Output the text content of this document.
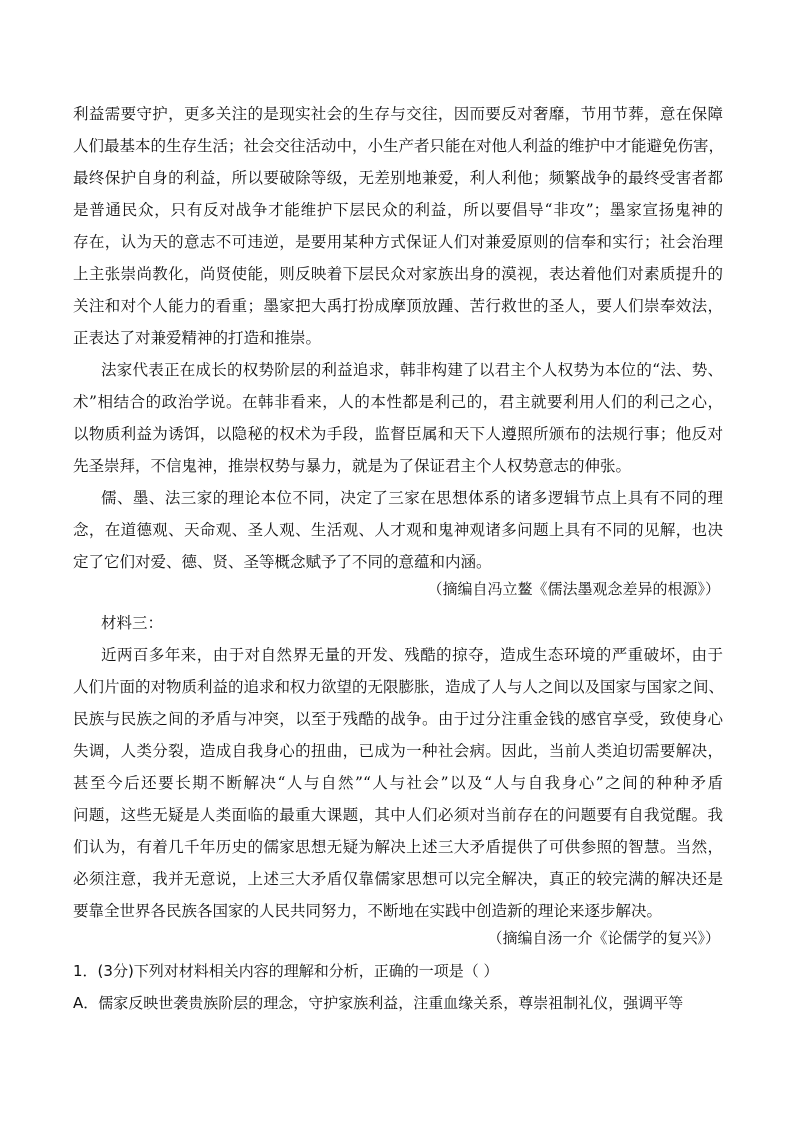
利益需要守护，更多关注的是现实社会的生存与交往，因而要反对奢靡，节用节葬，意在保障
人们最基本的生存生活；社会交往活动中，小生产者只能在对他人利益的维护中才能避免伤害，
最终保护自身的利益，所以要破除等级，无差别地兼爱，利人利他；频繁战争的最终受害者都
是普通民众，只有反对战争才能维护下层民众的利益，所以要倡导“非攻”；墨家宣扬鬼神的
存在，认为天的意志不可违逆，是要用某种方式保证人们对兼爱原则的信奉和实行；社会治理
上主张崇尚教化，尚贤使能，则反映着下层民众对家族出身的漠视，表达着他们对素质提升的
关注和对个人能力的看重；墨家把大禹打扮成摩顶放踵、苦行救世的圣人，要人们崇奉效法，
正表达了对兼爱精神的打造和推崇。
法家代表正在成长的权势阶层的利益追求，韩非构建了以君主个人权势为本位的“法、势、
术”相结合的政治学说。在韩非看来，人的本性都是利己的，君主就要利用人们的利己之心，
以物质利益为诱饵，以隐秘的权术为手段，监督臣属和天下人遵照所颁布的法规行事；他反对
先圣崇拜，不信鬼神，推崇权势与暴力，就是为了保证君主个人权势意志的伸张。
儒、墨、法三家的理论本位不同，决定了三家在思想体系的诸多逻辑节点上具有不同的理
念，在道德观、天命观、圣人观、生活观、人才观和鬼神观诸多问题上具有不同的见解，也决
定了它们对爱、德、贤、圣等概念赋予了不同的意蕴和内涵。
（摘编自冯立鳌《儒法墨观念差异的根源》）
材料三：
近两百多年来，由于对自然界无量的开发、残酷的掠夺，造成生态环境的严重破坏，由于
人们片面的对物质利益的追求和权力欲望的无限膨胀，造成了人与人之间以及国家与国家之间、
民族与民族之间的矛盾与冲突，以至于残酷的战争。由于过分注重金钱的感官享受，致使身心
失调，人类分裂，造成自我身心的扭曲，已成为一种社会病。因此，当前人类迫切需要解决，
甚至今后还要长期不断解决“人与自然”“人与社会”以及“人与自我身心”之间的种种矛盾
问题，这些无疑是人类面临的最重大课题，其中人们必须对当前存在的问题要有自我觉醒。我
们认为，有着几千年历史的儒家思想无疑为解决上述三大矛盾提供了可供参照的智慧。当然，
必须注意，我并无意说，上述三大矛盾仅靠儒家思想可以完全解决，真正的较完满的解决还是
要靠全世界各民族各国家的人民共同努力，不断地在实践中创造新的理论来逐步解决。
（摘编自汤一介《论儒学的复兴》）
1．(3分)下列对材料相关内容的理解和分析，正确的一项是（ ）
A．儒家反映世袭贵族阶层的理念，守护家族利益，注重血缘关系，尊崇祖制礼仪，强调平等
